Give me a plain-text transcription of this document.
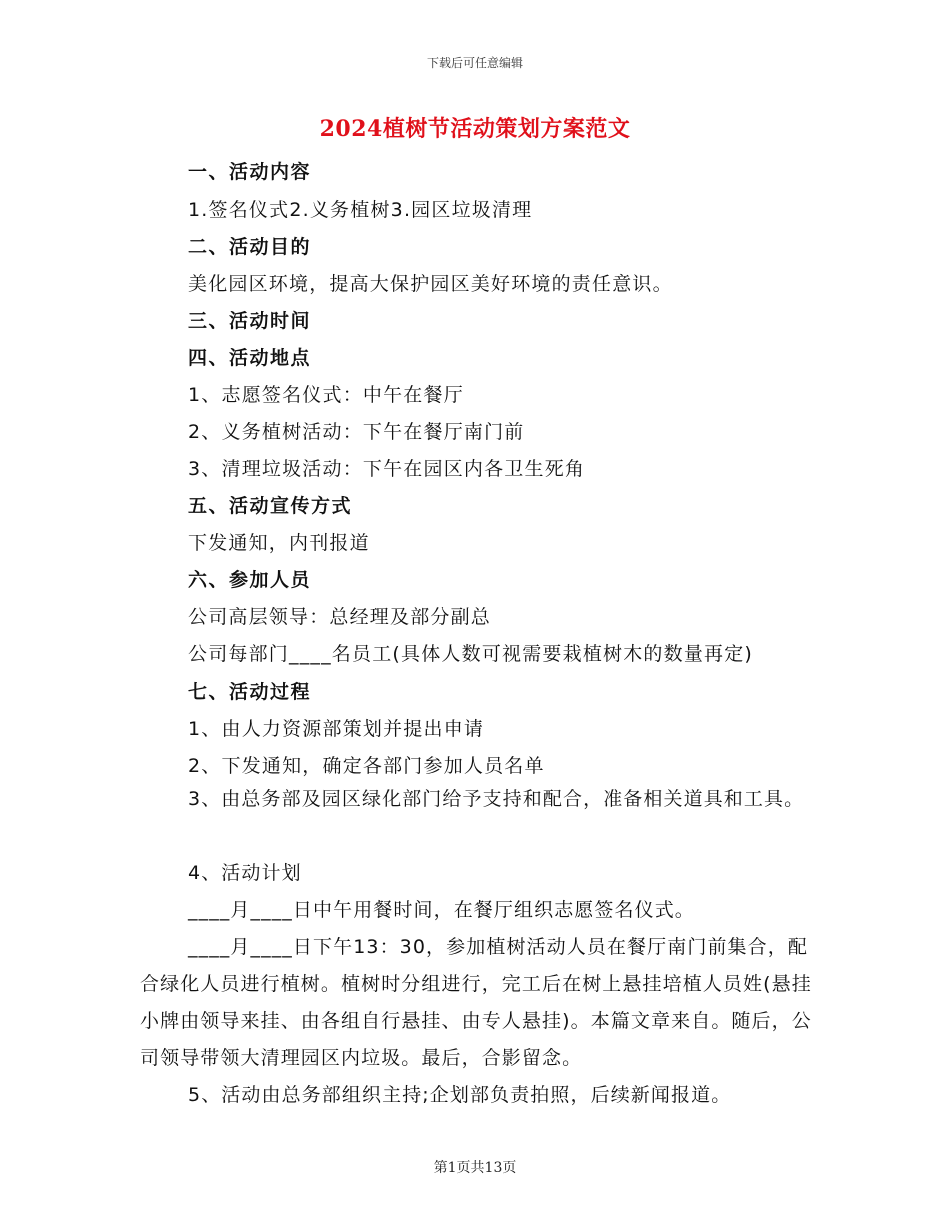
下载后可任意编辑
2024植树节活动策划方案范文
一、活动内容
1.签名仪式2.义务植树3.园区垃圾清理
二、活动目的
美化园区环境，提高大保护园区美好环境的责任意识。
三、活动时间
四、活动地点
1、志愿签名仪式：中午在餐厅
2、义务植树活动：下午在餐厅南门前
3、清理垃圾活动：下午在园区内各卫生死角
五、活动宣传方式
下发通知，内刊报道
六、参加人员
公司高层领导：总经理及部分副总
公司每部门____名员工(具体人数可视需要栽植树木的数量再定)
七、活动过程
1、由人力资源部策划并提出申请
2、下发通知，确定各部门参加人员名单
3、由总务部及园区绿化部门给予支持和配合，准备相关道具和工具。
4、活动计划
____月____日中午用餐时间，在餐厅组织志愿签名仪式。
____月____日下午13：30，参加植树活动人员在餐厅南门前集合，配合绿化人员进行植树。植树时分组进行，完工后在树上悬挂培植人员姓(悬挂小牌由领导来挂、由各组自行悬挂、由专人悬挂)。本篇文章来自。随后，公司领导带领大清理园区内垃圾。最后，合影留念。
5、活动由总务部组织主持;企划部负责拍照，后续新闻报道。
第1页共13页
